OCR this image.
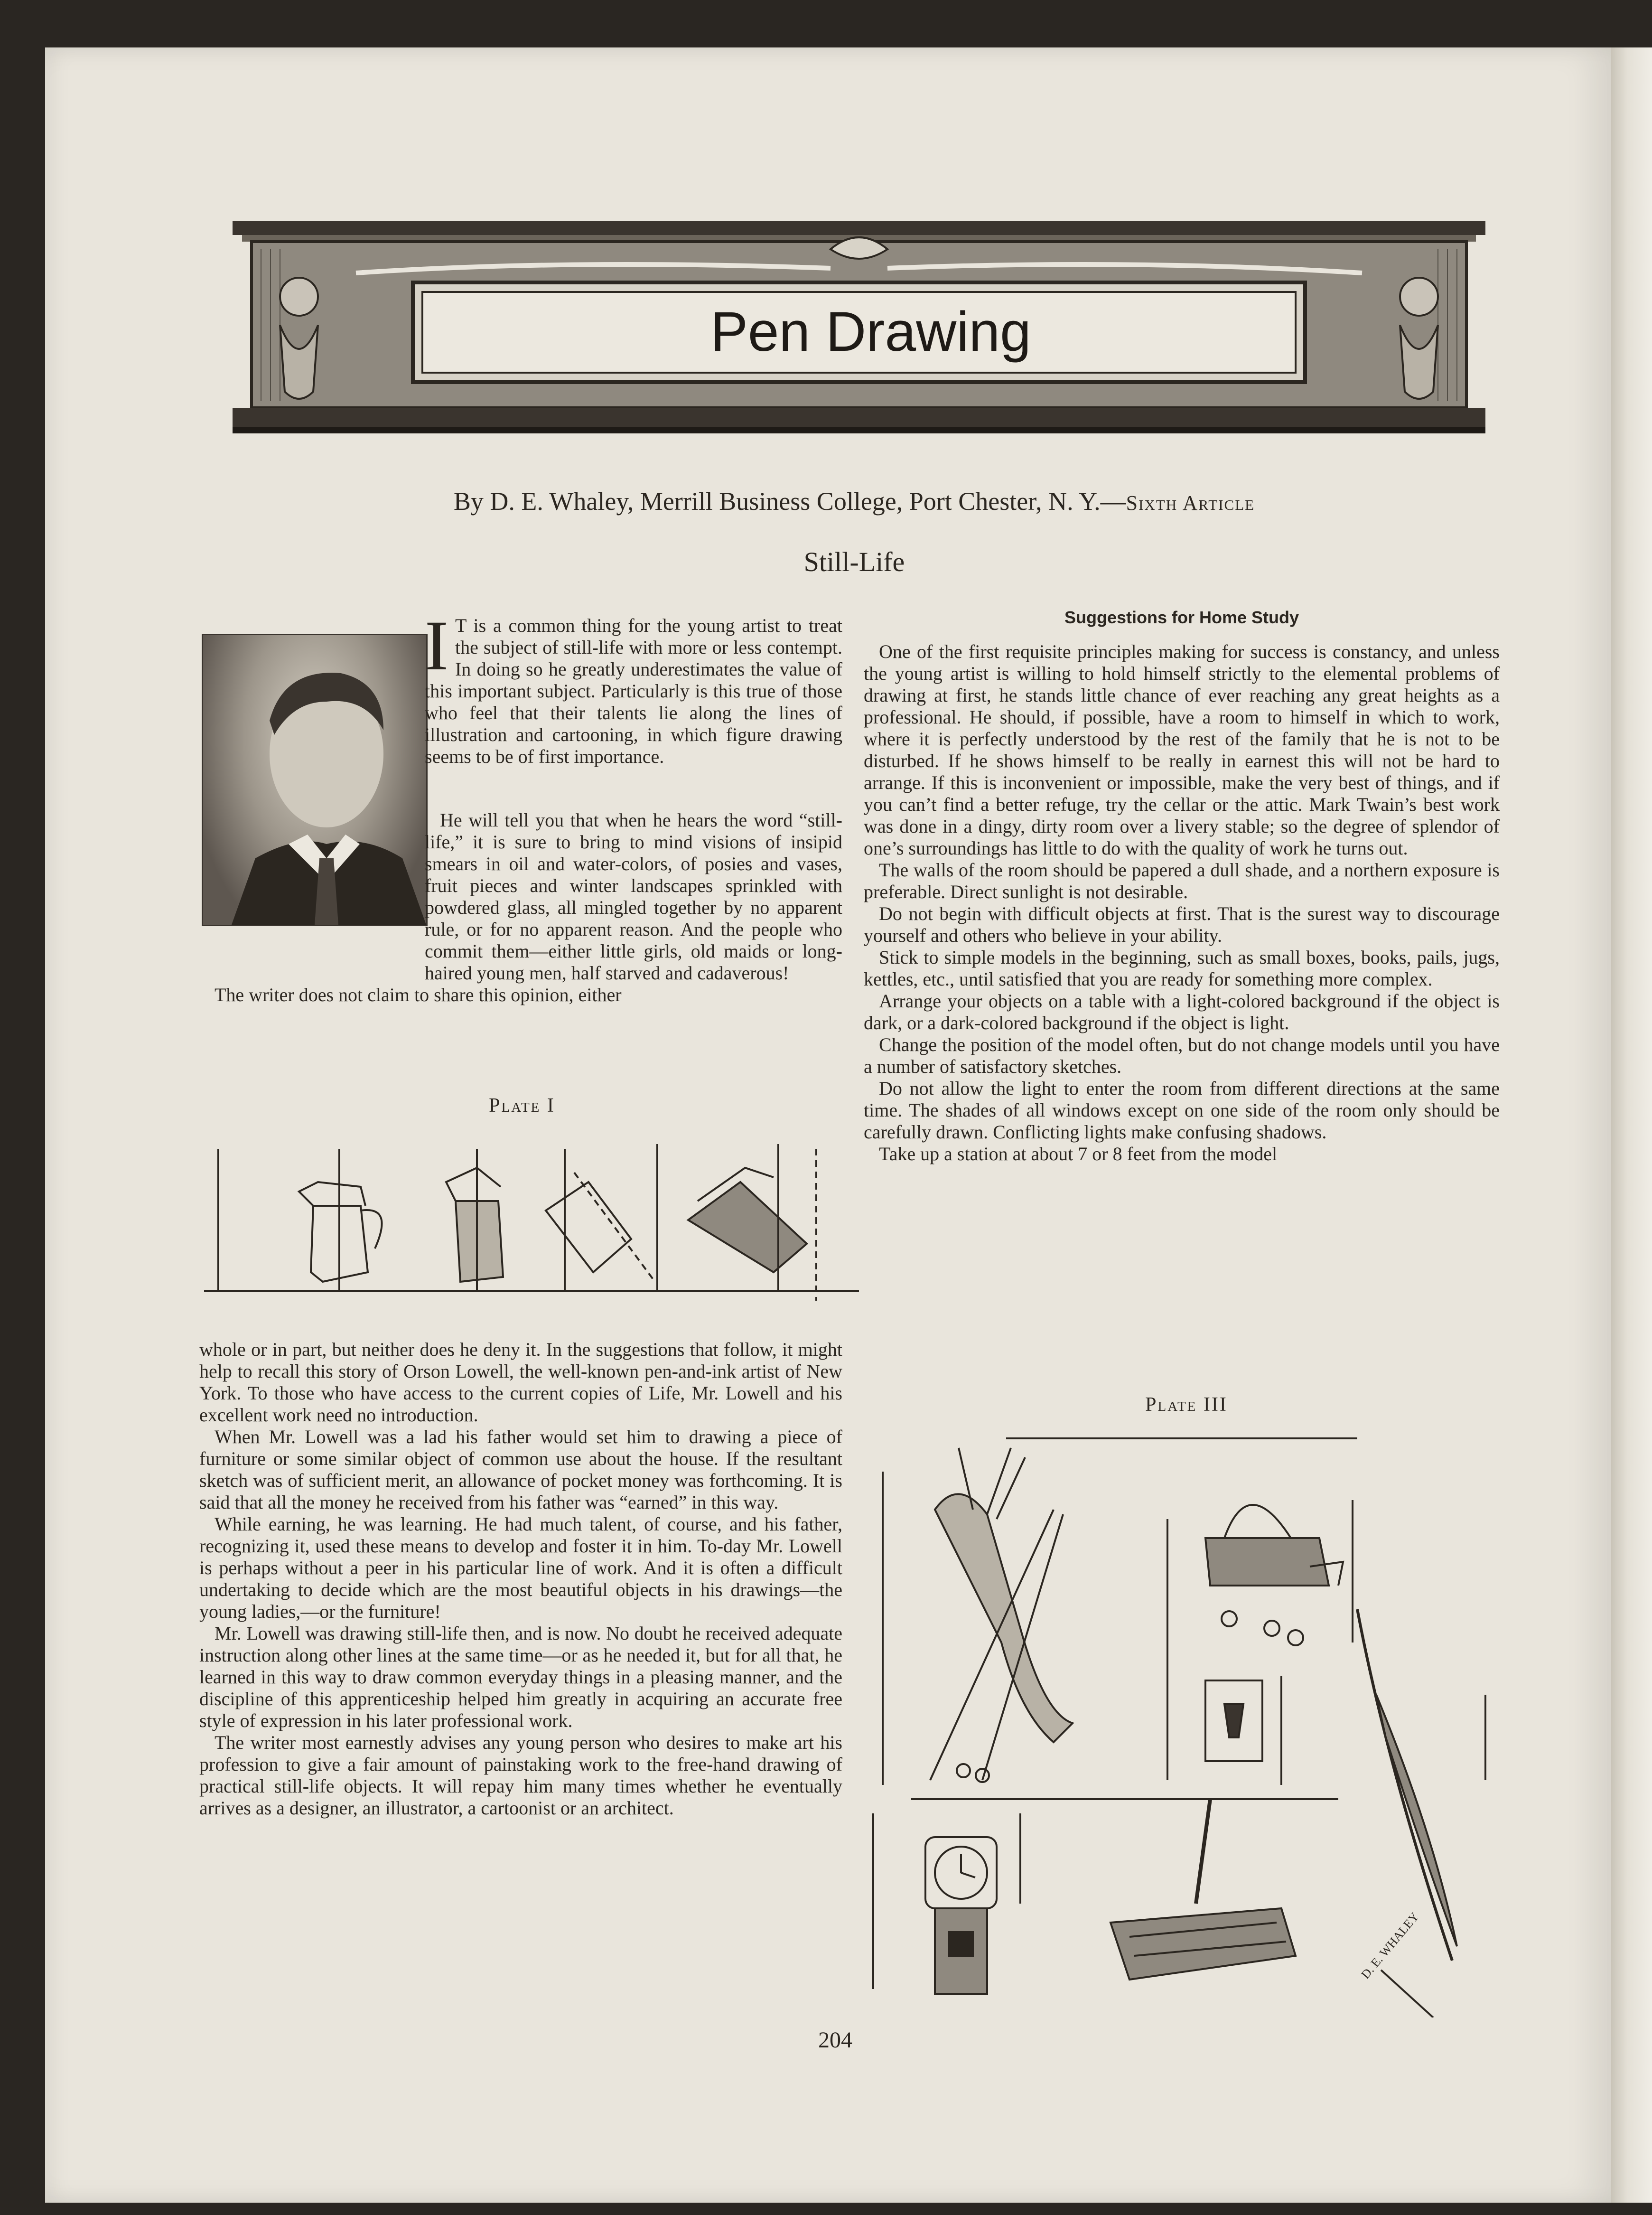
Pen Drawing
By D. E. Whaley, Merrill Business College, Port Chester, N. Y.—Sixth Article
Still-Life
I T is a common thing for the young artist to treat the subject of still-life with more or less contempt. In doing so he greatly underestimates the value of this important subject. Particularly is this true of those who feel that their talents lie along the lines of illustration and cartooning, in which figure drawing seems to be of first importance.

He will tell you that when he hears the word “still-life,” it is sure to bring to mind visions of insipid smears in oil and water-colors, of posies and vases, fruit pieces and winter landscapes sprinkled with powdered glass, all mingled together by no apparent rule, or for no apparent reason. And the people who commit them—either little girls, old maids or long-haired young men, half starved and cadaverous!

The writer does not claim to share this opinion, either

Plate I

whole or in part, but neither does he deny it. In the suggestions that follow, it might help to recall this story of Orson Lowell, the well-known pen-and-ink artist of New York. To those who have access to the current copies of Life, Mr. Lowell and his excellent work need no introduction.

When Mr. Lowell was a lad his father would set him to drawing a piece of furniture or some similar object of common use about the house. If the resultant sketch was of sufficient merit, an allowance of pocket money was forthcoming. It is said that all the money he received from his father was “earned” in this way.

While earning, he was learning. He had much talent, of course, and his father, recognizing it, used these means to develop and foster it in him. To-day Mr. Lowell is perhaps without a peer in his particular line of work. And it is often a difficult undertaking to decide which are the most beautiful objects in his drawings—the young ladies,—or the furniture!

Mr. Lowell was drawing still-life then, and is now. No doubt he received adequate instruction along other lines at the same time—or as he needed it, but for all that, he learned in this way to draw common everyday things in a pleasing manner, and the discipline of this apprenticeship helped him greatly in acquiring an accurate free style of expression in his later professional work.

The writer most earnestly advises any young person who desires to make art his profession to give a fair amount of painstaking work to the free-hand drawing of practical still-life objects. It will repay him many times whether he eventually arrives as a designer, an illustrator, a cartoonist or an architect.

Suggestions for Home Study

One of the first requisite principles making for success is constancy, and unless the young artist is willing to hold himself strictly to the elemental problems of drawing at first, he stands little chance of ever reaching any great heights as a professional. He should, if possible, have a room to himself in which to work, where it is perfectly understood by the rest of the family that he is not to be disturbed. If he shows himself to be really in earnest this will not be hard to arrange. If this is inconvenient or impossible, make the very best of things, and if you can’t find a better refuge, try the cellar or the attic. Mark Twain’s best work was done in a dingy, dirty room over a livery stable; so the degree of splendor of one’s surroundings has little to do with the quality of work he turns out.

The walls of the room should be papered a dull shade, and a northern exposure is preferable. Direct sunlight is not desirable.

Do not begin with difficult objects at first. That is the surest way to discourage yourself and others who believe in your ability.

Stick to simple models in the beginning, such as small boxes, books, pails, jugs, kettles, etc., until satisfied that you are ready for something more complex.

Arrange your objects on a table with a light-colored background if the object is dark, or a dark-colored background if the object is light.

Change the position of the model often, but do not change models until you have a number of satisfactory sketches.

Do not allow the light to enter the room from different directions at the same time. The shades of all windows except on one side of the room only should be carefully drawn. Conflicting lights make confusing shadows.

Take up a station at about 7 or 8 feet from the model

Plate III
D. E. WHALEY
204
